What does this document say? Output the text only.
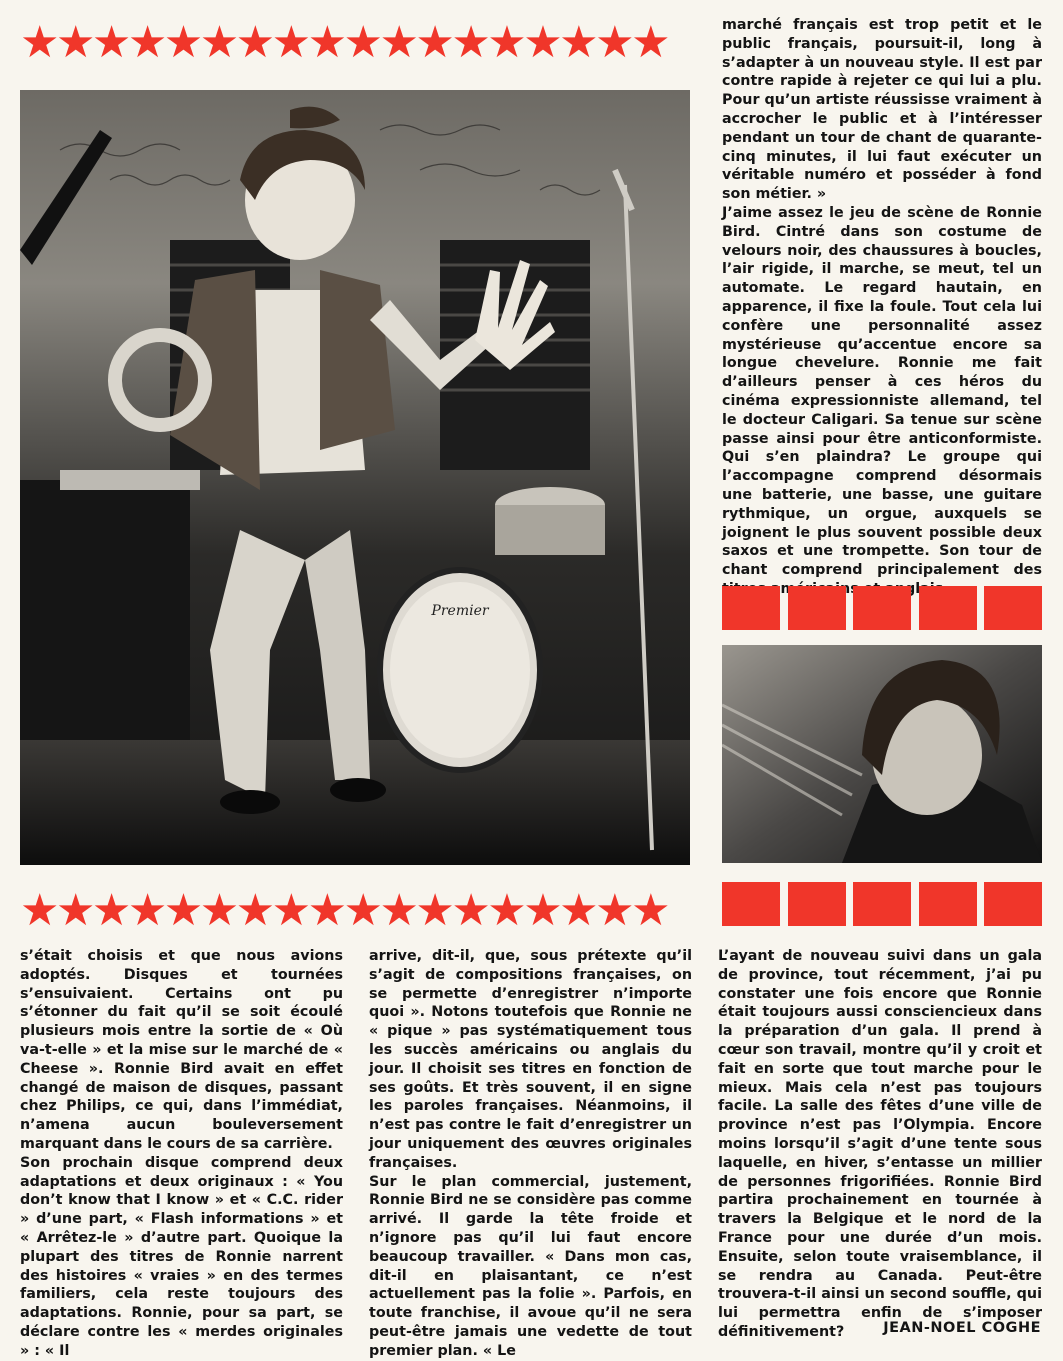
★★★★★★★★★★★★★★★★★★
Premier
★★★★★★★★★★★★★★★★★★

marché français est trop petit et le public français, poursuit-il, long à s’adapter à un nouveau style. Il est par contre rapide à rejeter ce qui lui a plu. Pour qu’un artiste réussisse vraiment à accrocher le public et à l’intéresser pendant un tour de chant de quarante-cinq minutes, il lui faut exécuter un véritable numéro et posséder à fond son métier. »

J’aime assez le jeu de scène de Ronnie Bird. Cintré dans son costume de velours noir, des chaussures à boucles, l’air rigide, il marche, se meut, tel un automate. Le regard hautain, en apparence, il fixe la foule. Tout cela lui confère une personnalité assez mystérieuse qu’accentue encore sa longue chevelure. Ronnie me fait d’ailleurs penser à ces héros du cinéma expressionniste allemand, tel le docteur Caligari. Sa tenue sur scène passe ainsi pour être anticonformiste. Qui s’en plaindra? Le groupe qui l’accompagne comprend désormais une batterie, une basse, une guitare rythmique, un orgue, auxquels se joignent le plus souvent possible deux saxos et une trompette. Son tour de chant comprend principalement des anglais.

s’était choisis et que nous avions adoptés. Disques et tournées s’ensuivaient. Certains ont pu s’étonner du fait qu’il se soit écoulé plusieurs mois entre la sortie de « Où va-t-elle » et la mise sur le marché de « Cheese ». Ronnie Bird avait en effet changé de maison de disques, passant chez Philips, ce qui, dans l’immédiat, n’amena aucun bouleversement marquant dans le cours de sa carrière.

Son prochain disque comprend deux adaptations et deux originaux : « You don’t know that I know » et « C.C. rider » d’une part, « Flash informations » et « Arrêtez-le » d’autre part. Quoique la plupart des titres de Ronnie narrent des histoires « vraies » en des termes familiers, cela reste toujours des adaptations. Ronnie, pour sa part, se déclare contre les « merdes originales » : « Il

arrive, dit-il, que, sous prétexte qu’il s’agit de compositions françaises, on se permette d’enregistrer n’importe quoi ». Notons toutefois que Ronnie ne « pique » pas systématiquement tous les succès américains ou anglais du jour. Il choisit ses titres en fonction de ses goûts. Et très souvent, il en signe les paroles françaises. Néanmoins, il n’est pas contre le fait d’enregistrer un jour uniquement des œuvres originales françaises.

Sur le plan commercial, justement, Ronnie Bird ne se considère pas comme arrivé. Il garde la tête froide et n’ignore pas qu’il lui faut encore beaucoup travailler. « Dans mon cas, dit-il en plaisantant, ce n’est actuellement pas la folie ». Parfois, en toute franchise, il avoue qu’il ne sera peut-être jamais une vedette de tout premier plan. « Le

L’ayant de nouveau suivi dans un gala de province, tout récemment, j’ai pu constater une fois encore que Ronnie était toujours aussi consciencieux dans la préparation d’un gala. Il prend à cœur son travail, montre qu’il y croit et fait en sorte que tout marche pour le mieux. Mais cela n’est pas toujours facile. La salle des fêtes d’une ville de province n’est pas l’Olympia. Encore moins lorsqu’il s’agit d’une tente sous laquelle, en hiver, s’entasse un millier de personnes frigorifiées. Ronnie Bird partira prochainement en tournée à travers la Belgique et le nord de la France pour une durée d’un mois. Ensuite, selon toute vraisemblance, il se rendra au Canada. Peut-être trouvera-t-il ainsi un second souffle, qui lui permettra enfin de s’imposer définitivement?	JEAN-NOEL COGHE
